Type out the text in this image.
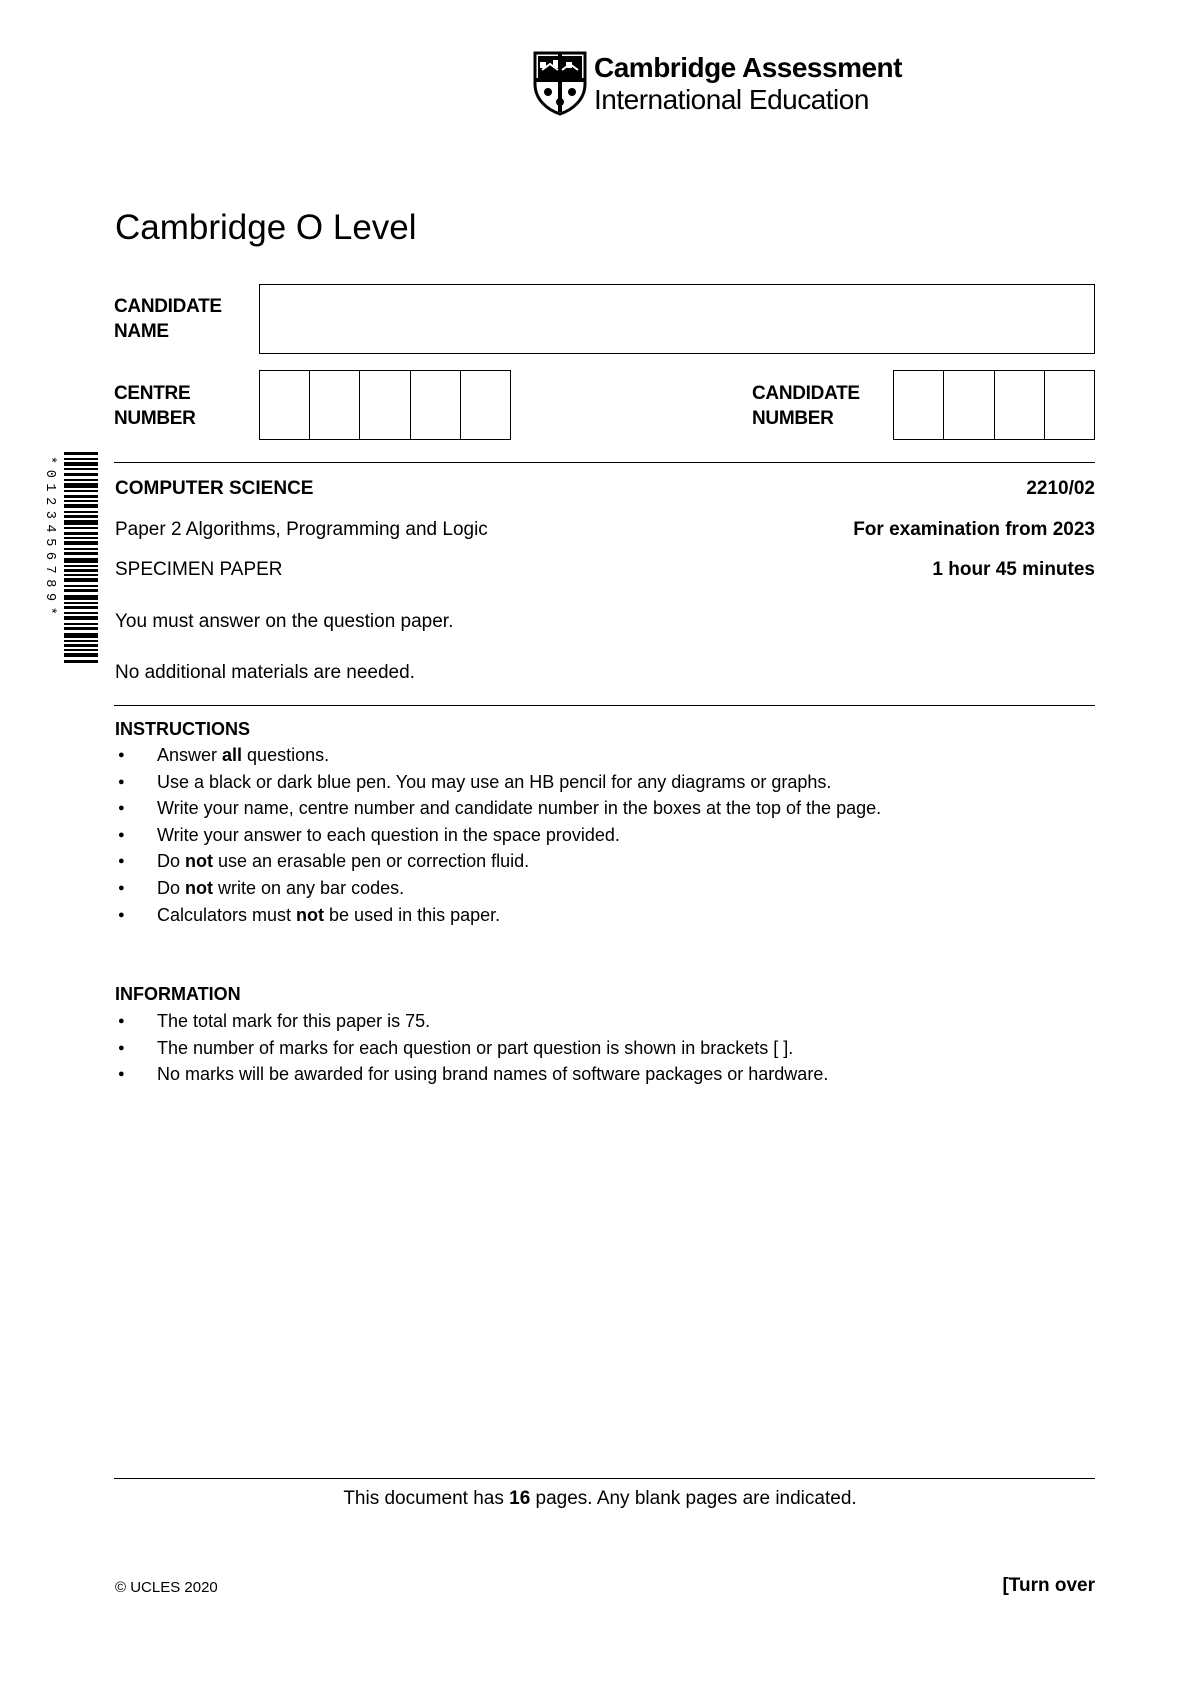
Cambridge Assessment
International Education
Cambridge O Level
CANDIDATE NAME
CENTRE NUMBER
CANDIDATE NUMBER
*0123456789*	COMPUTER SCIENCE	2210/02
Paper 2 Algorithms, Programming and Logic	For examination from 2023
SPECIMEN PAPER	1 hour 45 minutes
You must answer on the question paper.
No additional materials are needed.
INSTRUCTIONS
● Answer all questions.
● Use a black or dark blue pen. You may use an HB pencil for any diagrams or graphs.
● Write your name, centre number and candidate number in the boxes at the top of the page.
● Write your answer to each question in the space provided.
● Do not use an erasable pen or correction fluid.
● Do not write on any bar codes.
● Calculators must not be used in this paper.
INFORMATION
● The total mark for this paper is 75.
● The number of marks for each question or part question is shown in brackets [ ].
● No marks will be awarded for using brand names of software packages or hardware.
This document has 16 pages. Any blank pages are indicated.
© UCLES 2020	[Turn over
